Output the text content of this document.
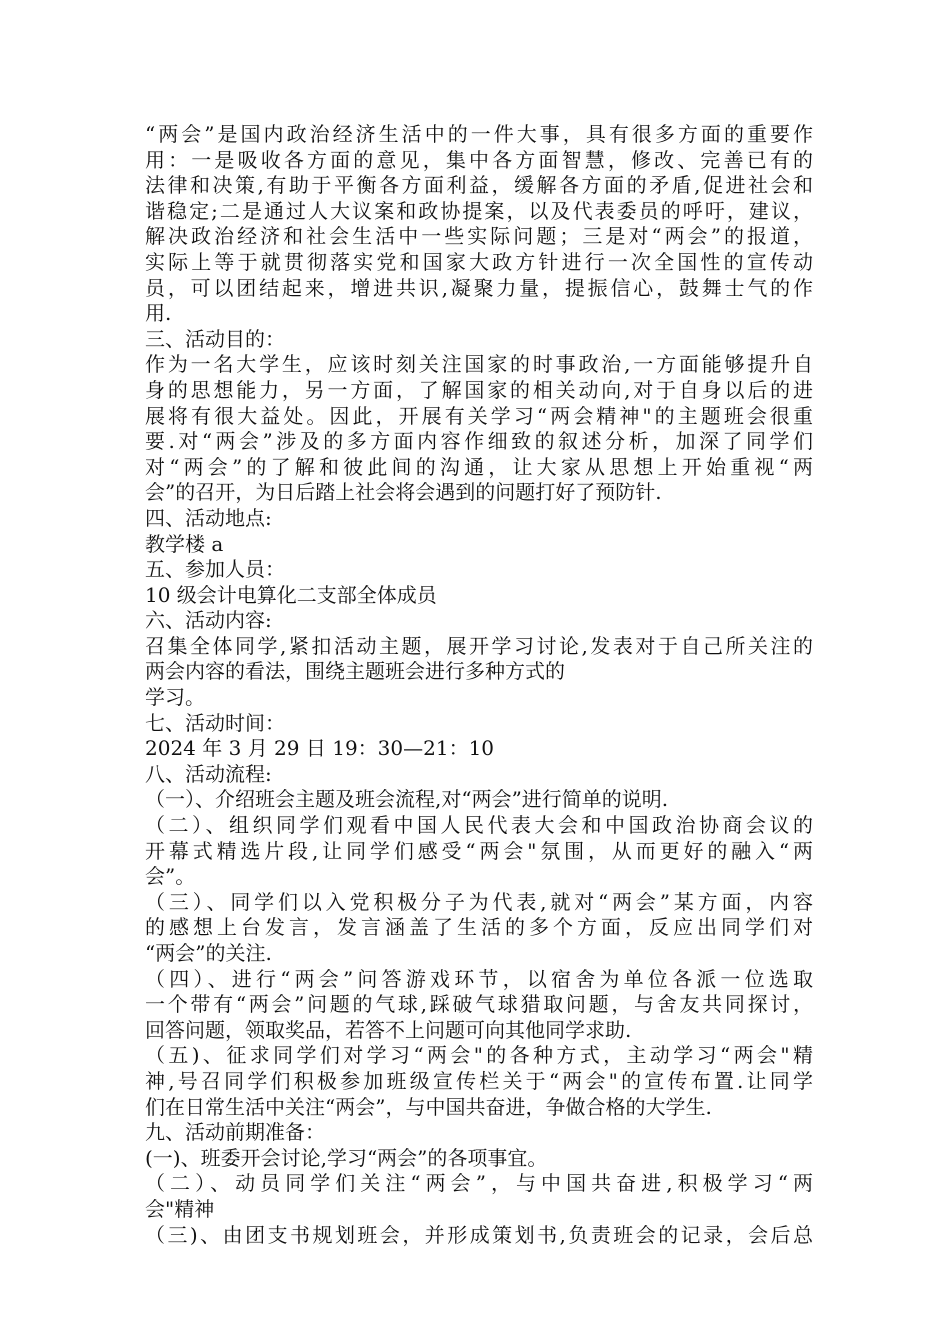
“两会”是国内政治经济生活中的一件大事，具有很多方面的重要作
用：一是吸收各方面的意见，集中各方面智慧，修改、完善已有的
法律和决策,有助于平衡各方面利益，缓解各方面的矛盾,促进社会和
谐稳定;二是通过人大议案和政协提案，以及代表委员的呼吁，建议，
解决政治经济和社会生活中一些实际问题；三是对“两会”的报道，
实际上等于就贯彻落实党和国家大政方针进行一次全国性的宣传动
员，可以团结起来，增进共识,凝聚力量，提振信心，鼓舞士气的作
用.
三、活动目的：
作为一名大学生，应该时刻关注国家的时事政治,一方面能够提升自
身的思想能力，另一方面，了解国家的相关动向,对于自身以后的进
展将有很大益处。因此，开展有关学习“两会精神"的主题班会很重
要.对“两会”涉及的多方面内容作细致的叙述分析，加深了同学们
对“两会”的了解和彼此间的沟通，让大家从思想上开始重视“两
会”的召开，为日后踏上社会将会遇到的问题打好了预防针.
四、活动地点:
教学楼 a
五、参加人员：
10 级会计电算化二支部全体成员
六、活动内容:
召集全体同学,紧扣活动主题，展开学习讨论,发表对于自己所关注的
两会内容的看法，围绕主题班会进行多种方式的
学习。
七、活动时间：
2024 年 3 月 29 日 19：30—21：10
八、活动流程:
（一）、介绍班会主题及班会流程,对“两会”进行简单的说明.
（二）、组织同学们观看中国人民代表大会和中国政治协商会议的
开幕式精选片段,让同学们感受“两会"氛围，从而更好的融入“两
会”。
（三）、同学们以入党积极分子为代表,就对“两会”某方面，内容
的感想上台发言，发言涵盖了生活的多个方面，反应出同学们对
“两会”的关注.
（四）、进行“两会”问答游戏环节，以宿舍为单位各派一位选取
一个带有“两会”问题的气球,踩破气球猎取问题，与舍友共同探讨，
回答问题，领取奖品，若答不上问题可向其他同学求助.
（五)、征求同学们对学习“两会"的各种方式，主动学习“两会"精
神,号召同学们积极参加班级宣传栏关于“两会"的宣传布置.让同学
们在日常生活中关注“两会”，与中国共奋进，争做合格的大学生.
九、活动前期准备：
(一)、班委开会讨论,学习“两会”的各项事宜。
（二）、动员同学们关注“两会”，与中国共奋进,积极学习“两
会"精神
（三)、由团支书规划班会，并形成策划书,负责班会的记录，会后总
